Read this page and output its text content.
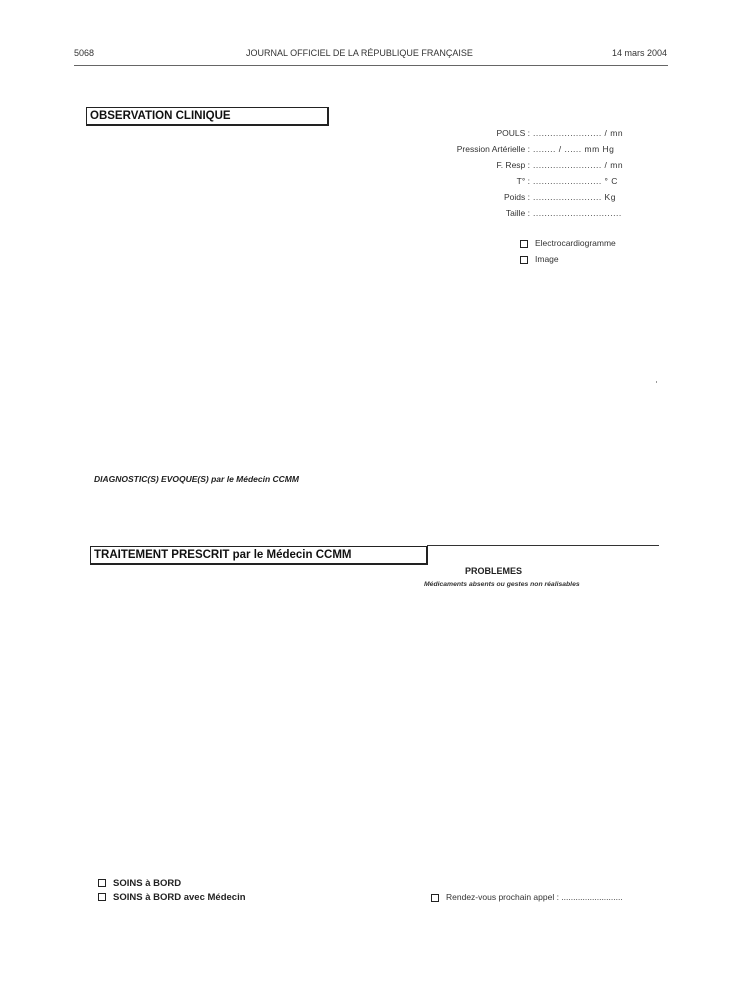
5068	JOURNAL OFFICIEL DE LA RÉPUBLIQUE FRANÇAISE	14 mars 2004
OBSERVATION CLINIQUE
POULS : ........................ / mn
Pression Artérielle : ........ / ...... mm Hg
F. Resp : ........................ / mn
T° : ........................ ° C
Poids : ........................ Kg
Taille : ...............................
Electrocardiogramme
Image
DIAGNOSTIC(S) EVOQUE(S) par le Médecin CCMM
TRAITEMENT PRESCRIT par le Médecin CCMM
PROBLEMES
Médicaments absents ou gestes non réalisables
SOINS à BORD
SOINS à BORD avec Médecin	Rendez-vous prochain appel : ..........................
